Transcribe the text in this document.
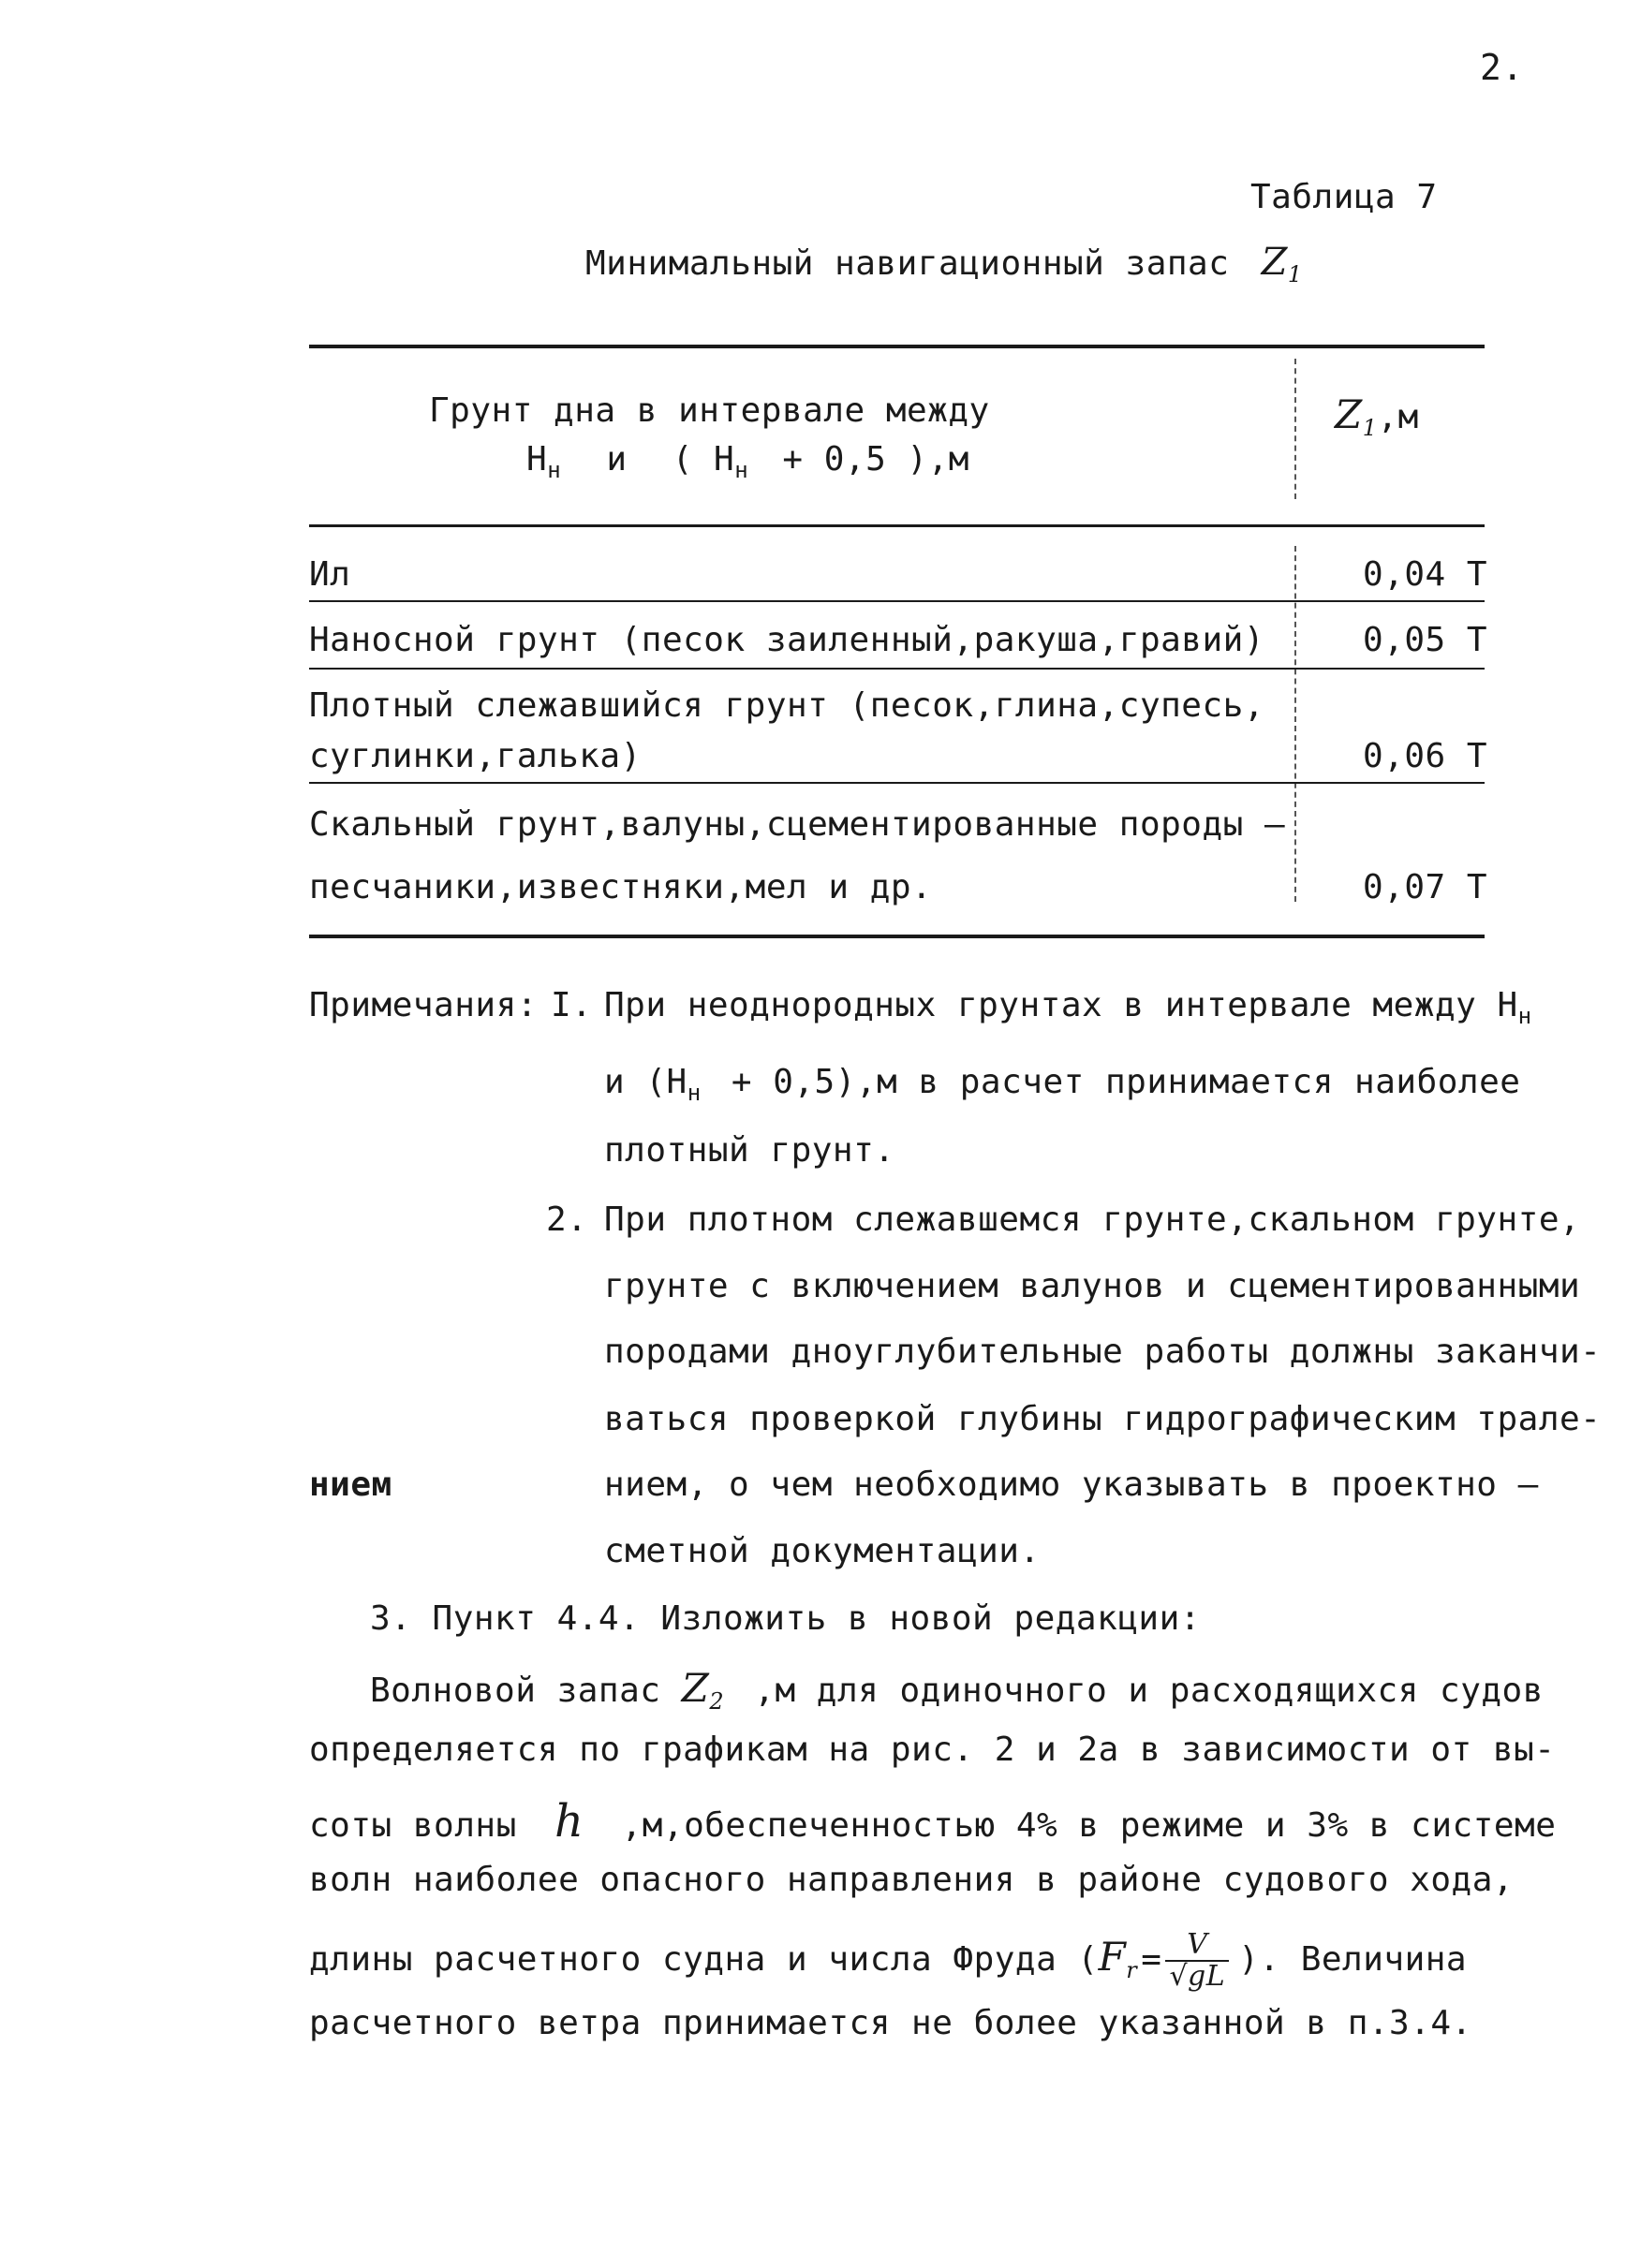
2.
Таблица 7
Минимальный навигационный запас $Z_1$
Грунт дна в интервале между
$Н_н$ и ( $Н_н + 0,5$ ),м
$Z_1,м$
Ил	0,04 Т
Наносной грунт (песок заиленный,ракуша,гравий)	0,05 Т
Плотный слежавшийся грунт (песок,глина,супесь,
суглинки,галька)	0,06 Т
Скальный грунт,валуны,сцементированные породы –
песчаники,известняки,мел и др.	0,07 Т
Примечания: I. При неоднородных грунтах в интервале между $Н_н$
и $(Н_н + 0,5),м$ в расчет принимается наиболее
плотный грунт.
2. При плотном слежавшемся грунте,скальном грунте,
грунте с включением валунов и сцементированными
породами дноуглубительные работы должны заканчи-
ваться проверкой глубины гидрографическим трале-
нием	нием, о чем необходимо указывать в проектно –
сметной документации.
3. Пункт 4.4. Изложить в новой редакции:
Волновой запас $Z_2$ ,м для одиночного и расходящихся судов
определяется по графикам на рис. 2 и 2а в зависимости от вы-
соты волны h ,м,обеспеченностью 4% в режиме и 3% в системе
волн наиболее опасного направления в районе судового хода,
длины расчетного судна и числа Фруда ($F_r = \frac{V}{√gL}$ ). Величина
расчетного ветра принимается не более указанной в п.3.4.
